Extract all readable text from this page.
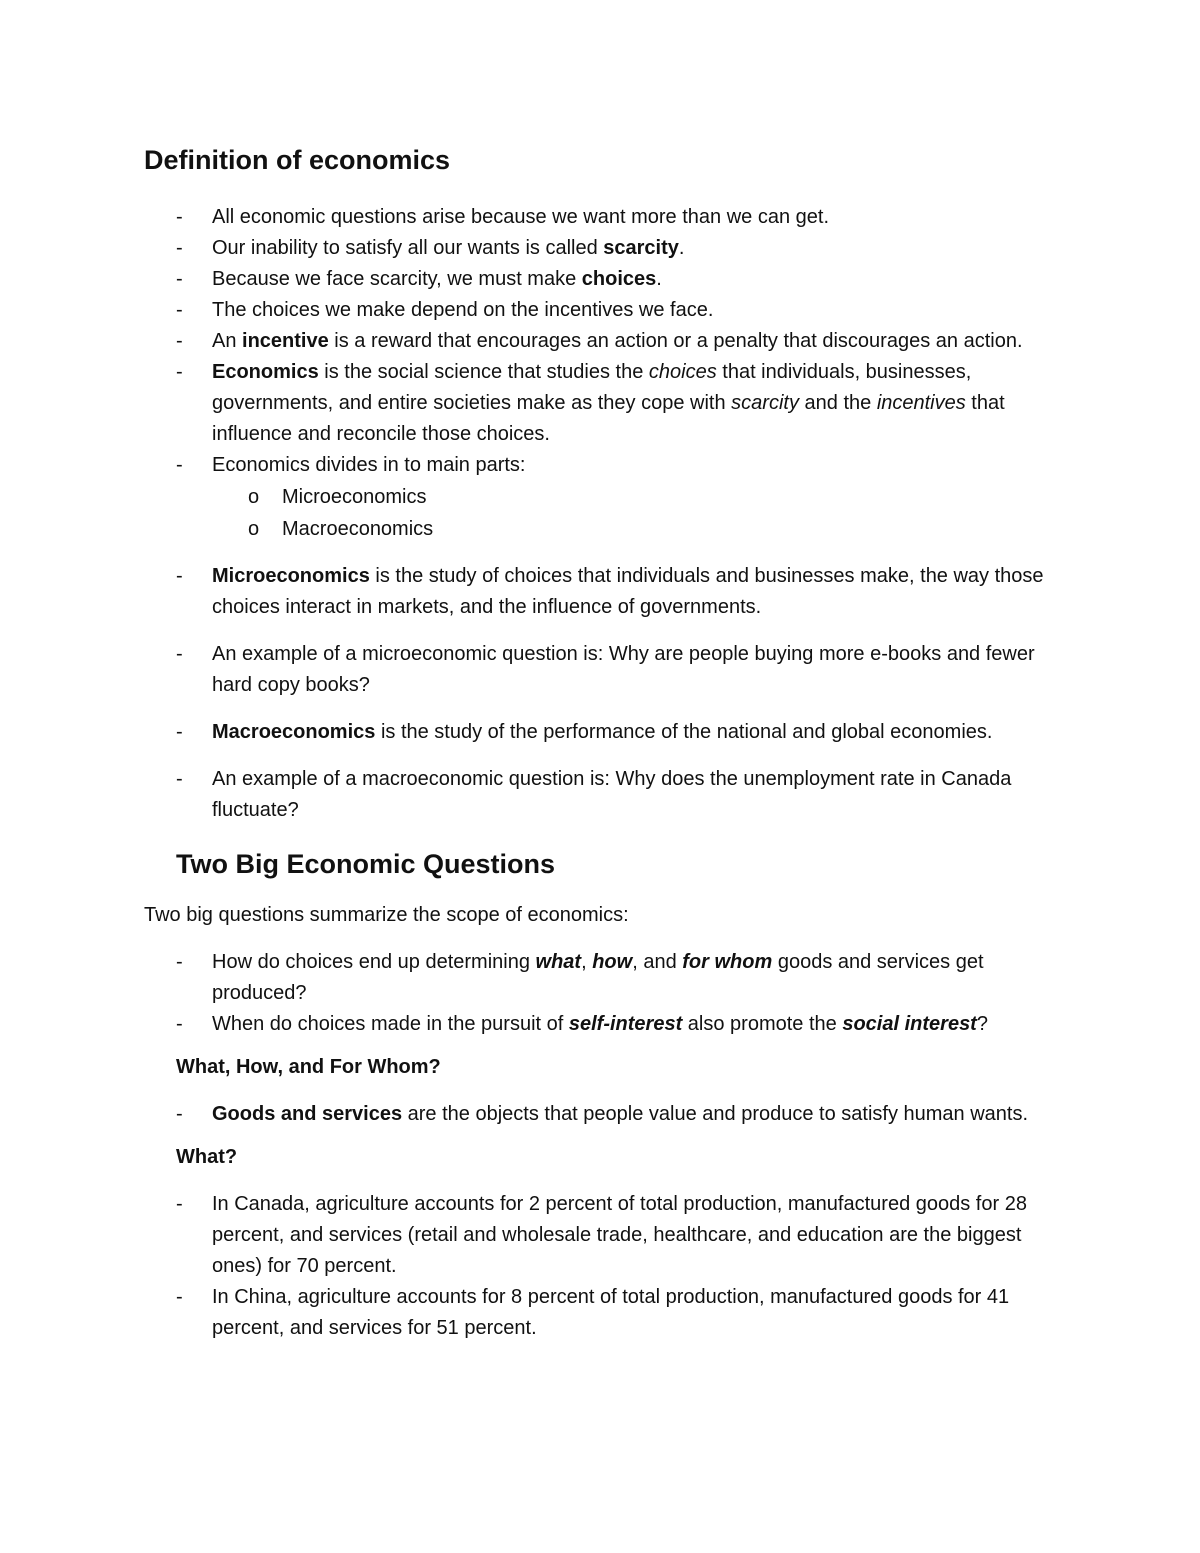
Definition of economics
- All economic questions arise because we want more than we can get.
- Our inability to satisfy all our wants is called scarcity.
- Because we face scarcity, we must make choices.
- The choices we make depend on the incentives we face.
- An incentive is a reward that encourages an action or a penalty that discourages an action.
- Economics is the social science that studies the choices that individuals, businesses, governments, and entire societies make as they cope with scarcity and the incentives that influence and reconcile those choices.
- Economics divides in to main parts:
o Microeconomics
o Macroeconomics
- Microeconomics is the study of choices that individuals and businesses make, the way those choices interact in markets, and the influence of governments.
- An example of a microeconomic question is: Why are people buying more e-books and fewer hard copy books?
- Macroeconomics is the study of the performance of the national and global economies.
- An example of a macroeconomic question is: Why does the unemployment rate in Canada fluctuate?
Two Big Economic Questions
Two big questions summarize the scope of economics:
- How do choices end up determining what, how, and for whom goods and services get produced?
- When do choices made in the pursuit of self-interest also promote the social interest?
What, How, and For Whom?
- Goods and services are the objects that people value and produce to satisfy human wants.
What?
- In Canada, agriculture accounts for 2 percent of total production, manufactured goods for 28 percent, and services (retail and wholesale trade, healthcare, and education are the biggest ones) for 70 percent.
- In China, agriculture accounts for 8 percent of total production, manufactured goods for 41 percent, and services for 51 percent.
